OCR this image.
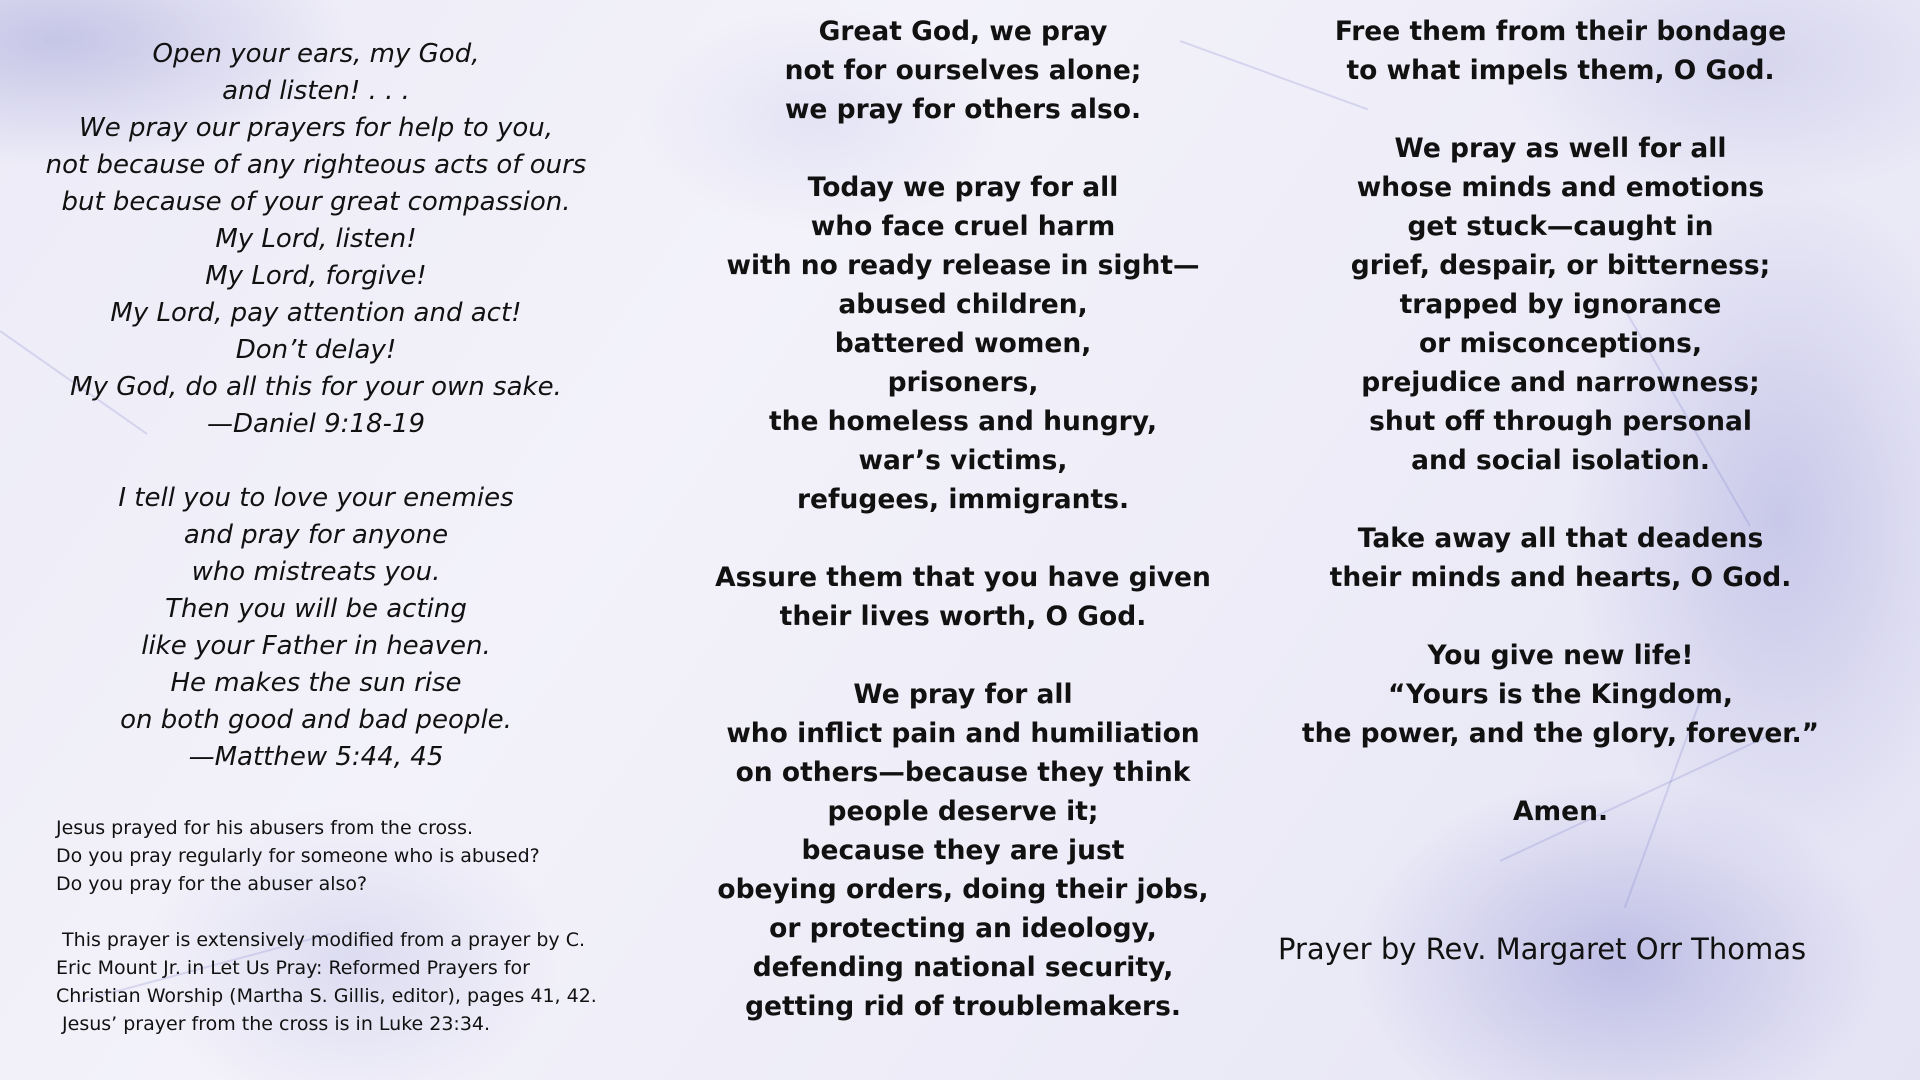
Open your ears, my God,
and listen! . . .
We pray our prayers for help to you,
not because of any righteous acts of ours
but because of your great compassion.
My Lord, listen!
My Lord, forgive!
My Lord, pay attention and act!
Don’t delay!
My God, do all this for your own sake.
—Daniel 9:18-19
I tell you to love your enemies
and pray for anyone
who mistreats you.
Then you will be acting
like your Father in heaven.
He makes the sun rise
on both good and bad people.
—Matthew 5:44, 45
Jesus prayed for his abusers from the cross.
Do you pray regularly for someone who is abused?
Do you pray for the abuser also?
This prayer is extensively modified from a prayer by C.
Eric Mount Jr. in Let Us Pray: Reformed Prayers for
Christian Worship (Martha S. Gillis, editor), pages 41, 42.
Jesus’ prayer from the cross is in Luke 23:34.
Great God, we pray
not for ourselves alone;
we pray for others also.
Today we pray for all
who face cruel harm
with no ready release in sight—
abused children,
battered women,
prisoners,
the homeless and hungry,
war’s victims,
refugees, immigrants.
Assure them that you have given
their lives worth, O God.
We pray for all
who inflict pain and humiliation
on others—because they think
people deserve it;
because they are just
obeying orders, doing their jobs,
or protecting an ideology,
defending national security,
getting rid of troublemakers.
Free them from their bondage
to what impels them, O God.
We pray as well for all
whose minds and emotions
get stuck—caught in
grief, despair, or bitterness;
trapped by ignorance
or misconceptions,
prejudice and narrowness;
shut off through personal
and social isolation.
Take away all that deadens
their minds and hearts, O God.
You give new life!
“Yours is the Kingdom,
the power, and the glory, forever.”
Amen.
Prayer by Rev. Margaret Orr Thomas
